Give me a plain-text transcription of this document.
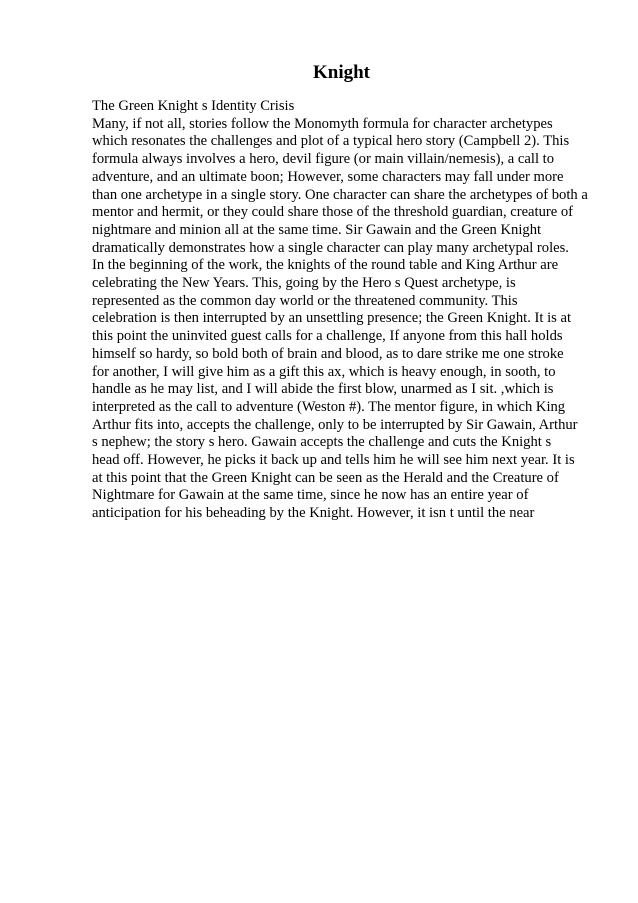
Knight
The Green Knight s Identity Crisis
Many, if not all, stories follow the Monomyth formula for character archetypes
which resonates the challenges and plot of a typical hero story (Campbell 2). This
formula always involves a hero, devil figure (or main villain/nemesis), a call to
adventure, and an ultimate boon; However, some characters may fall under more
than one archetype in a single story. One character can share the archetypes of both a
mentor and hermit, or they could share those of the threshold guardian, creature of
nightmare and minion all at the same time. Sir Gawain and the Green Knight
dramatically demonstrates how a single character can play many archetypal roles.
In the beginning of the work, the knights of the round table and King Arthur are
celebrating the New Years. This, going by the Hero s Quest archetype, is
represented as the common day world or the threatened community. This
celebration is then interrupted by an unsettling presence; the Green Knight. It is at
this point the uninvited guest calls for a challenge, If anyone from this hall holds
himself so hardy, so bold both of brain and blood, as to dare strike me one stroke
for another, I will give him as a gift this ax, which is heavy enough, in sooth, to
handle as he may list, and I will abide the first blow, unarmed as I sit. ,which is
interpreted as the call to adventure (Weston #). The mentor figure, in which King
Arthur fits into, accepts the challenge, only to be interrupted by Sir Gawain, Arthur
s nephew; the story s hero. Gawain accepts the challenge and cuts the Knight s
head off. However, he picks it back up and tells him he will see him next year. It is
at this point that the Green Knight can be seen as the Herald and the Creature of
Nightmare for Gawain at the same time, since he now has an entire year of
anticipation for his beheading by the Knight. However, it isn t until the near
